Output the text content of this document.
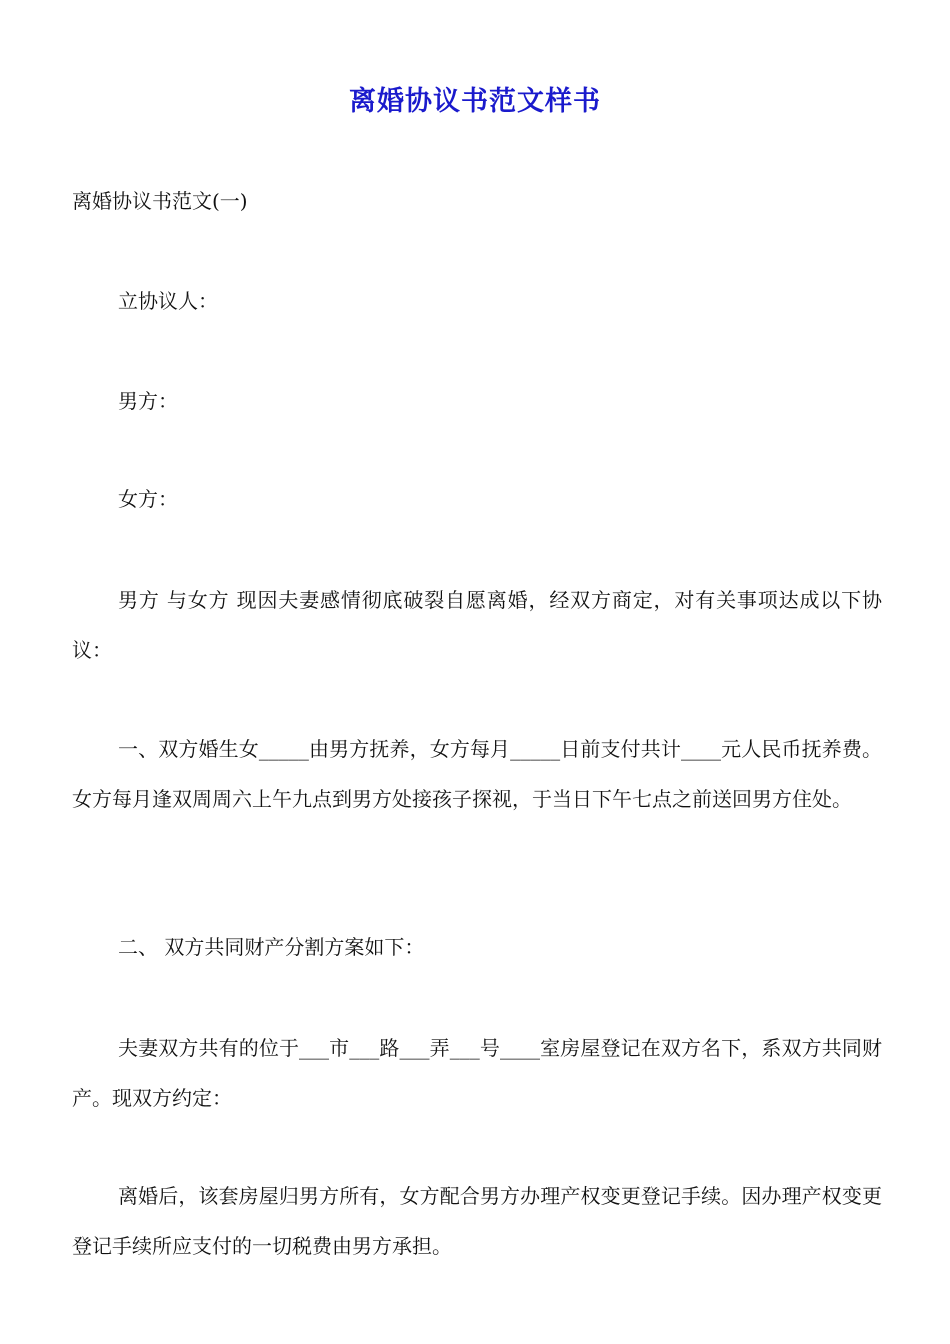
离婚协议书范文样书
离婚协议书范文(一)
立协议人：
男方：
女方：
男方 与女方 现因夫妻感情彻底破裂自愿离婚，经双方商定，对有关事项达成以下协议：
一、双方婚生女_____由男方抚养，女方每月_____日前支付共计____元人民币抚养费。女方每月逢双周周六上午九点到男方处接孩子探视，于当日下午七点之前送回男方住处。
二、 双方共同财产分割方案如下：
夫妻双方共有的位于___市___路___弄___号____室房屋登记在双方名下，系双方共同财产。现双方约定：
离婚后，该套房屋归男方所有，女方配合男方办理产权变更登记手续。因办理产权变更登记手续所应支付的一切税费由男方承担。
